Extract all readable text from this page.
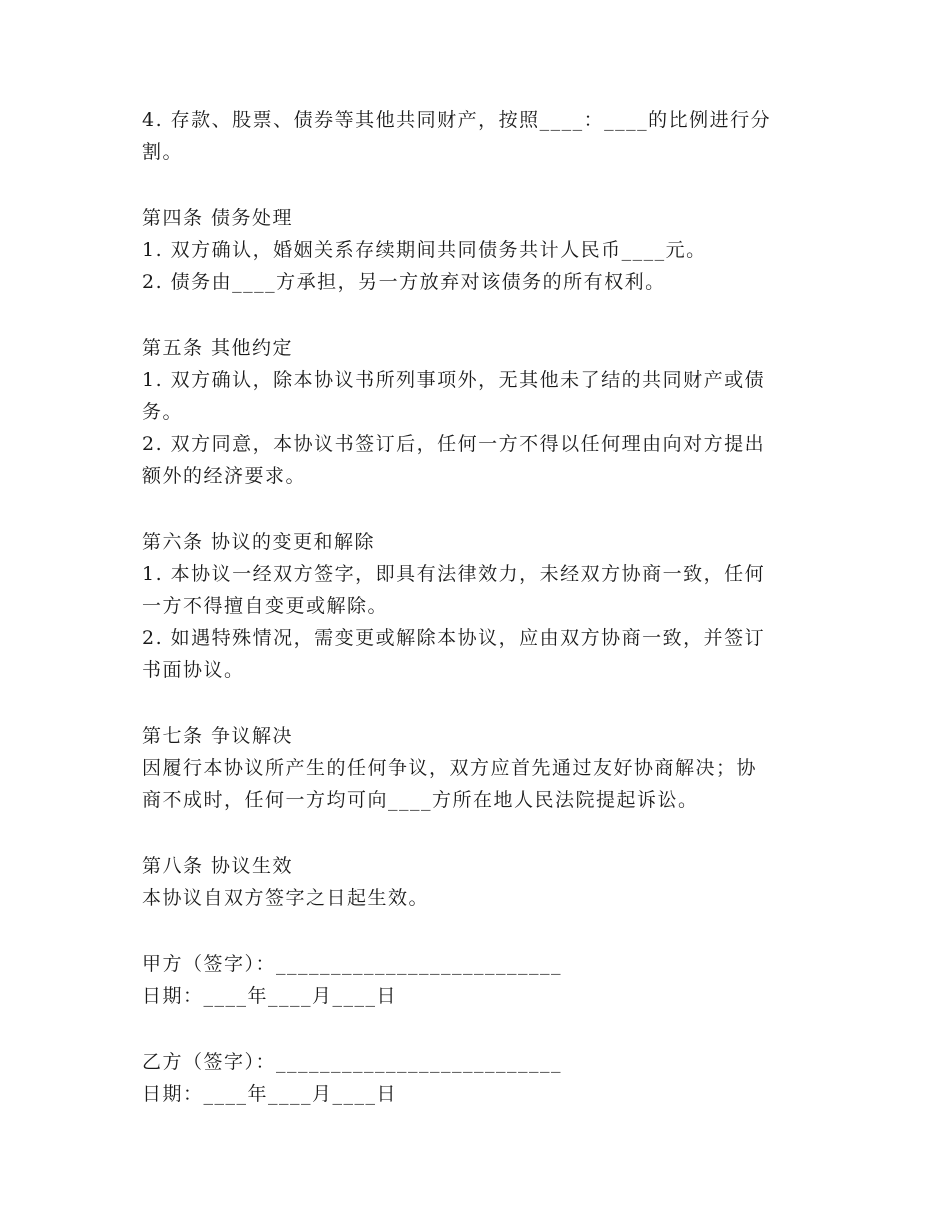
4. 存款、股票、债券等其他共同财产，按照____：____的比例进行分
割。
第四条 债务处理
1. 双方确认，婚姻关系存续期间共同债务共计人民币____元。
2. 债务由____方承担，另一方放弃对该债务的所有权利。
第五条 其他约定
1. 双方确认，除本协议书所列事项外，无其他未了结的共同财产或债
务。
2. 双方同意，本协议书签订后，任何一方不得以任何理由向对方提出
额外的经济要求。
第六条 协议的变更和解除
1. 本协议一经双方签字，即具有法律效力，未经双方协商一致，任何
一方不得擅自变更或解除。
2. 如遇特殊情况，需变更或解除本协议，应由双方协商一致，并签订
书面协议。
第七条 争议解决
因履行本协议所产生的任何争议，双方应首先通过友好协商解决；协
商不成时，任何一方均可向____方所在地人民法院提起诉讼。
第八条 协议生效
本协议自双方签字之日起生效。
甲方（签字）：__________________________
日期：____年____月____日
乙方（签字）：__________________________
日期：____年____月____日
